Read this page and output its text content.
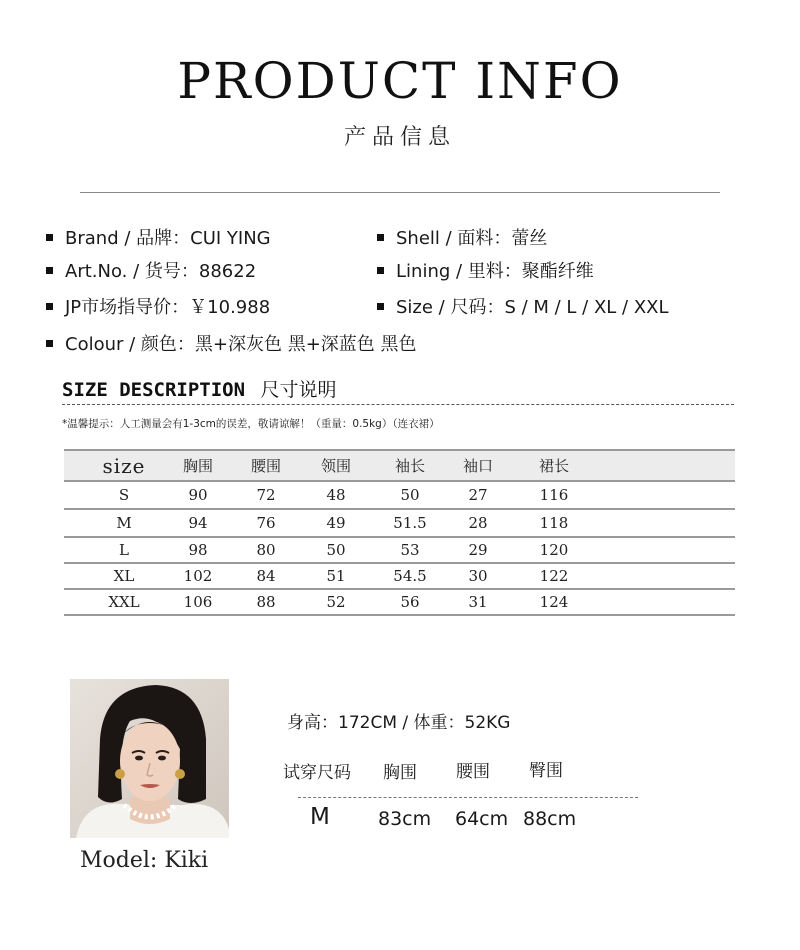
PRODUCT INFO
产品信息
Brand / 品牌：CUI YING
Art.No. / 货号：88622
JP市场指导价：￥10.988
Colour / 颜色：黑+深灰色 黑+深蓝色 黑色
Shell / 面料：蕾丝
Lining / 里料：聚酯纤维
Size / 尺码：S / M / L / XL / XXL
SIZE DESCRIPTION 尺寸说明
*温馨提示：人工测量会有1-3cm的误差，敬请谅解！（重量：0.5kg）（连衣裙）
size	胸围	腰围	领围	袖长	袖口	裙长
S	90	72	48	50	27	116
M	94	76	49	51.5	28	118
L	98	80	50	53	29	120
XL	102	84	51	54.5	30	122
XXL	106	88	52	56	31	124
Model: Kiki
身高：172CM / 体重：52KG
试穿尺码 胸围 腰围 臀围
M	83cm 64cm 88cm
